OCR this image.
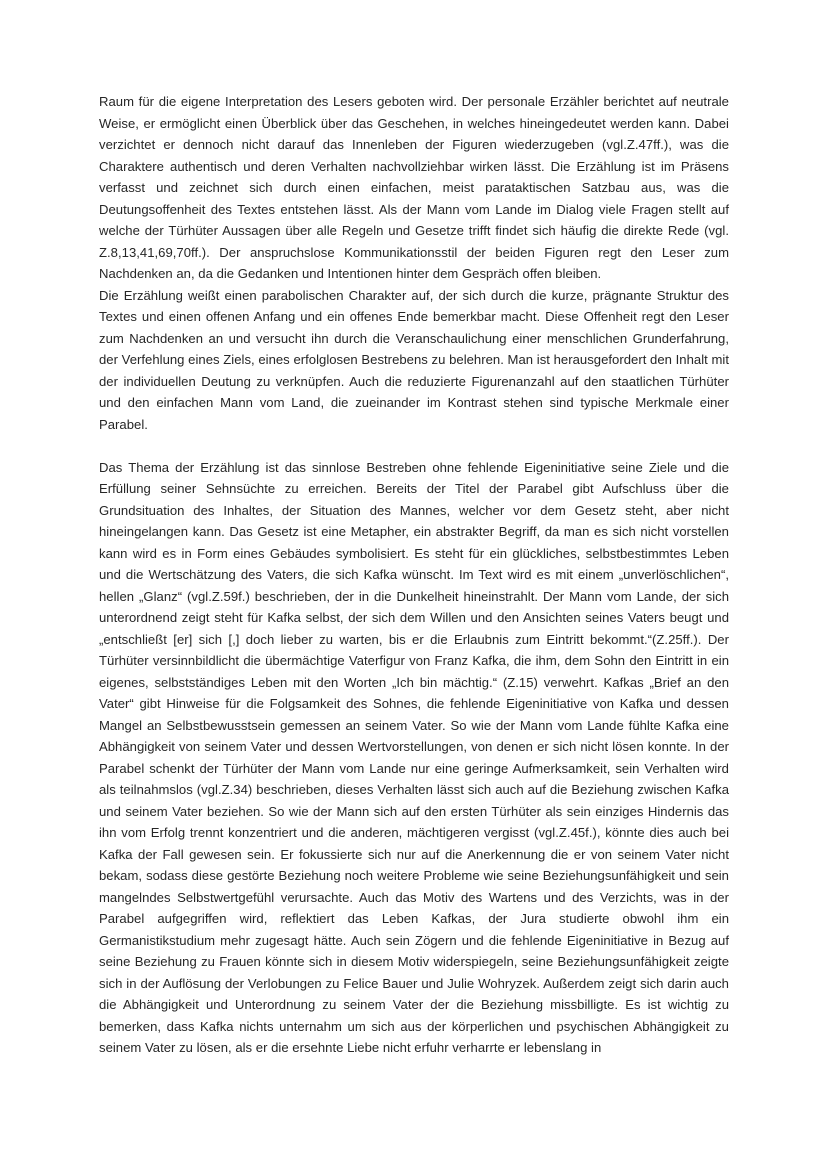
Raum für die eigene Interpretation des Lesers geboten wird. Der personale Erzähler berichtet auf neutrale Weise, er ermöglicht einen Überblick über das Geschehen, in welches hineingedeutet werden kann. Dabei verzichtet er dennoch nicht darauf das Innenleben der Figuren wiederzugeben (vgl.Z.47ff.), was die Charaktere authentisch und deren Verhalten nachvollziehbar wirken lässt. Die Erzählung ist im Präsens verfasst und zeichnet sich durch einen einfachen, meist parataktischen Satzbau aus, was die Deutungsoffenheit des Textes entstehen lässt. Als der Mann vom Lande im Dialog viele Fragen stellt auf welche der Türhüter Aussagen über alle Regeln und Gesetze trifft findet sich häufig die direkte Rede (vgl. Z.8,13,41,69,70ff.). Der anspruchslose Kommunikationsstil der beiden Figuren regt den Leser zum Nachdenken an, da die Gedanken und Intentionen hinter dem Gespräch offen bleiben.

Die Erzählung weißt einen parabolischen Charakter auf, der sich durch die kurze, prägnante Struktur des Textes und einen offenen Anfang und ein offenes Ende bemerkbar macht. Diese Offenheit regt den Leser zum Nachdenken an und versucht ihn durch die Veranschaulichung einer menschlichen Grunderfahrung, der Verfehlung eines Ziels, eines erfolglosen Bestrebens zu belehren. Man ist herausgefordert den Inhalt mit der individuellen Deutung zu verknüpfen. Auch die reduzierte Figurenanzahl auf den staatlichen Türhüter und den einfachen Mann vom Land, die zueinander im Kontrast stehen sind typische Merkmale einer Parabel.

Das Thema der Erzählung ist das sinnlose Bestreben ohne fehlende Eigeninitiative seine Ziele und die Erfüllung seiner Sehnsüchte zu erreichen. Bereits der Titel der Parabel gibt Aufschluss über die Grundsituation des Inhaltes, der Situation des Mannes, welcher vor dem Gesetz steht, aber nicht hineingelangen kann. Das Gesetz ist eine Metapher, ein abstrakter Begriff, da man es sich nicht vorstellen kann wird es in Form eines Gebäudes symbolisiert. Es steht für ein glückliches, selbstbestimmtes Leben und die Wertschätzung des Vaters, die sich Kafka wünscht. Im Text wird es mit einem „unverlöschlichen“, hellen „Glanz“ (vgl.Z.59f.) beschrieben, der in die Dunkelheit hineinstrahlt. Der Mann vom Lande, der sich unterordnend zeigt steht für Kafka selbst, der sich dem Willen und den Ansichten seines Vaters beugt und „entschließt [er] sich [,] doch lieber zu warten, bis er die Erlaubnis zum Eintritt bekommt.“(Z.25ff.). Der Türhüter versinnbildlicht die übermächtige Vaterfigur von Franz Kafka, die ihm, dem Sohn den Eintritt in ein eigenes, selbstständiges Leben mit den Worten „Ich bin mächtig.“ (Z.15) verwehrt. Kafkas „Brief an den Vater“ gibt Hinweise für die Folgsamkeit des Sohnes, die fehlende Eigeninitiative von Kafka und dessen Mangel an Selbstbewusstsein gemessen an seinem Vater. So wie der Mann vom Lande fühlte Kafka eine Abhängigkeit von seinem Vater und dessen Wertvorstellungen, von denen er sich nicht lösen konnte. In der Parabel schenkt der Türhüter der Mann vom Lande nur eine geringe Aufmerksamkeit, sein Verhalten wird als teilnahmslos (vgl.Z.34) beschrieben, dieses Verhalten lässt sich auch auf die Beziehung zwischen Kafka und seinem Vater beziehen. So wie der Mann sich auf den ersten Türhüter als sein einziges Hindernis das ihn vom Erfolg trennt konzentriert und die anderen, mächtigeren vergisst (vgl.Z.45f.), könnte dies auch bei Kafka der Fall gewesen sein. Er fokussierte sich nur auf die Anerkennung die er von seinem Vater nicht bekam, sodass diese gestörte Beziehung noch weitere Probleme wie seine Beziehungsunfähigkeit und sein mangelndes Selbstwertgefühl verursachte. Auch das Motiv des Wartens und des Verzichts, was in der Parabel aufgegriffen wird, reflektiert das Leben Kafkas, der Jura studierte obwohl ihm ein Germanistikstudium mehr zugesagt hätte. Auch sein Zögern und die fehlende Eigeninitiative in Bezug auf seine Beziehung zu Frauen könnte sich in diesem Motiv widerspiegeln, seine Beziehungsunfähigkeit zeigte sich in der Auflösung der Verlobungen zu Felice Bauer und Julie Wohryzek. Außerdem zeigt sich darin auch die Abhängigkeit und Unterordnung zu seinem Vater der die Beziehung missbilligte. Es ist wichtig zu bemerken, dass Kafka nichts unternahm um sich aus der körperlichen und psychischen Abhängigkeit zu seinem Vater zu lösen, als er die ersehnte Liebe nicht erfuhr verharrte er lebenslang in
